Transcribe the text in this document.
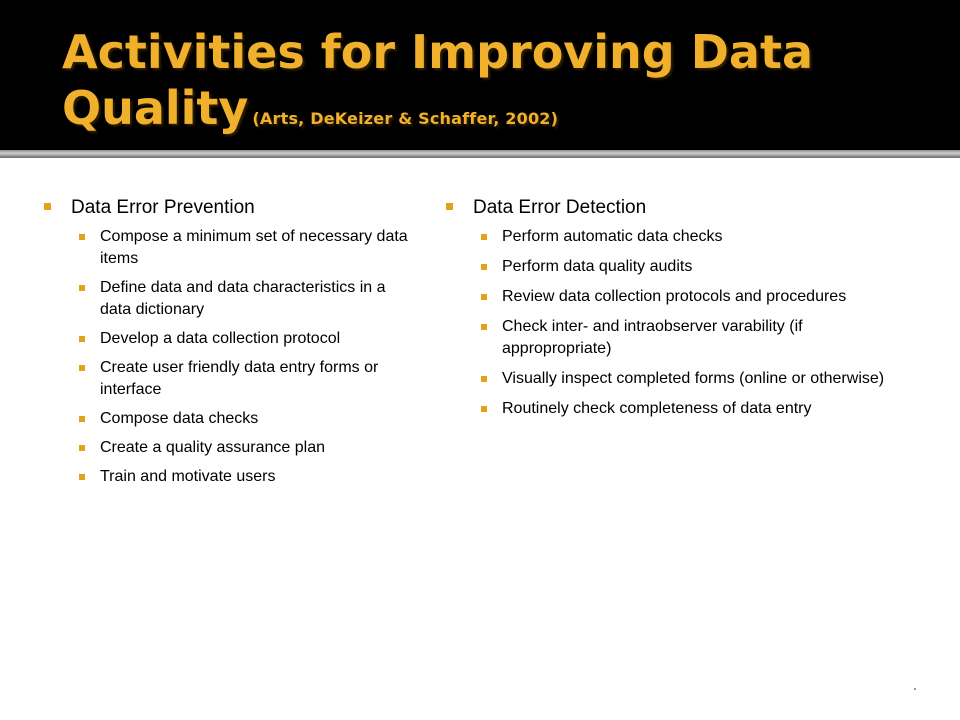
Activities for Improving Data Quality (Arts, DeKeizer & Schaffer, 2002)
Data Error Prevention
Compose a minimum set of necessary data items
Define data and data characteristics in a data dictionary
Develop a data collection protocol
Create user friendly data entry forms or interface
Compose data checks
Create a quality assurance plan
Train and motivate users
Data Error Detection
Perform automatic data checks
Perform data quality audits
Review data collection protocols and procedures
Check inter- and intraobserver varability (if appropropriate)
Visually inspect completed forms (online or otherwise)
Routinely check completeness of data entry
